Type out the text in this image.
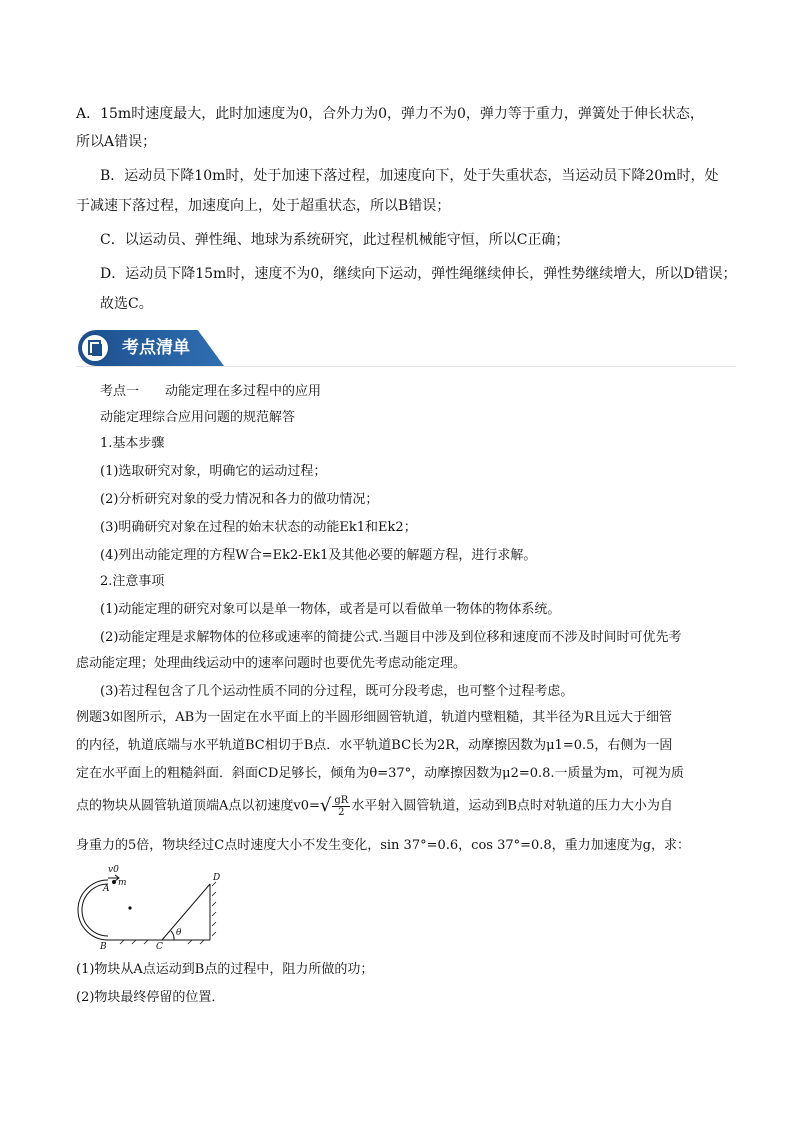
A．15m时速度最大，此时加速度为0，合外力为0，弹力不为0，弹力等于重力，弹簧处于伸长状态，
所以A错误；
B．运动员下降10m时，处于加速下落过程，加速度向下，处于失重状态，当运动员下降20m时，处
于减速下落过程，加速度向上，处于超重状态，所以B错误；
C．以运动员、弹性绳、地球为系统研究，此过程机械能守恒，所以C正确；
D．运动员下降15m时，速度不为0，继续向下运动，弹性绳继续伸长，弹性势继续增大，所以D错误；
故选C。
考点清单
考点一　　动能定理在多过程中的应用
动能定理综合应用问题的规范解答
1.基本步骤
(1)选取研究对象，明确它的运动过程；
(2)分析研究对象的受力情况和各力的做功情况；
(3)明确研究对象在过程的始末状态的动能Ek1和Ek2；
(4)列出动能定理的方程W合=Ek2-Ek1及其他必要的解题方程，进行求解。
2.注意事项
(1)动能定理的研究对象可以是单一物体，或者是可以看做单一物体的物体系统。
(2)动能定理是求解物体的位移或速率的简捷公式.当题目中涉及到位移和速度而不涉及时间时可优先考
虑动能定理；处理曲线运动中的速率问题时也要优先考虑动能定理。
(3)若过程包含了几个运动性质不同的分过程，既可分段考虑，也可整个过程考虑。
例题3如图所示，AB为一固定在水平面上的半圆形细圆管轨道，轨道内壁粗糙，其半径为R且远大于细管
的内径，轨道底端与水平轨道BC相切于B点．水平轨道BC长为2R，动摩擦因数为μ1=0.5，右侧为一固
定在水平面上的粗糙斜面．斜面CD足够长，倾角为θ=37°，动摩擦因数为μ2=0.8.一质量为m，可视为质
点的物块从圆管轨道顶端A点以初速度$v0=√ \frac{gR}{2}$ 水平射入圆管轨道，运动到B点时对轨道的压力大小为自
身重力的5倍，物块经过C点时速度大小不发生变化，sin 37°=0.6，cos 37°=0.8，重力加速度为g，求：
v0
m
A
B	C
D
θ
(1)物块从A点运动到B点的过程中，阻力所做的功；
(2)物块最终停留的位置．
